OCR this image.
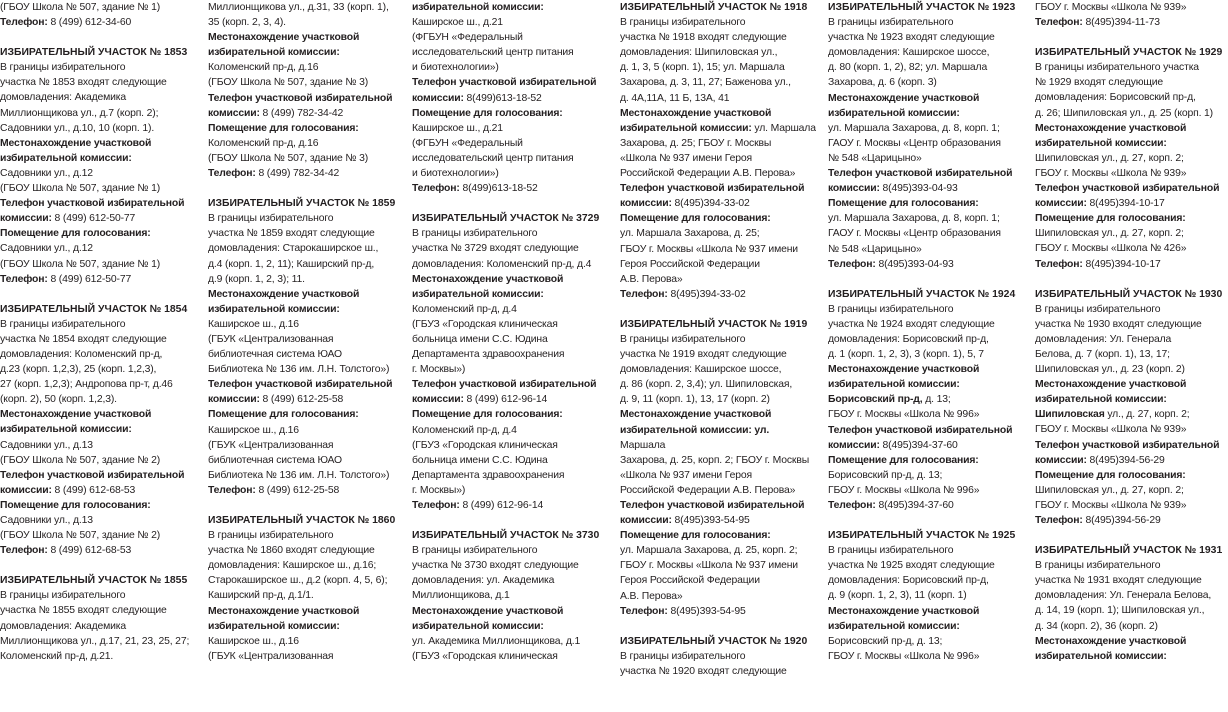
(ГБОУ Школа № 507, здание № 1)

Телефон: 8 (499) 612-34-60

ИЗБИРАТЕЛЬНЫЙ УЧАСТОК № 1853

В границы избирательного

участка № 1853 входят следующие

домовладения: Академика

Миллионщикова ул., д.7 (корп. 2);

Садовники ул., д.10, 10 (корп. 1).

Местонахождение участковой

избирательной комиссии:

Садовники ул., д.12

(ГБОУ Школа № 507, здание № 1)

Телефон участковой избирательной

комиссии: 8 (499) 612-50-77

Помещение для голосования:

Садовники ул., д.12

(ГБОУ Школа № 507, здание № 1)

Телефон: 8 (499) 612-50-77

ИЗБИРАТЕЛЬНЫЙ УЧАСТОК № 1854

В границы избирательного

участка № 1854 входят следующие

домовладения: Коломенский пр-д,

д.23 (корп. 1,2,3), 25 (корп. 1,2,3),

27 (корп. 1,2,3); Андропова пр-т, д.46

(корп. 2), 50 (корп. 1,2,3).

Местонахождение участковой

избирательной комиссии:

Садовники ул., д.13

(ГБОУ Школа № 507, здание № 2)

Телефон участковой избирательной

комиссии: 8 (499) 612-68-53

Помещение для голосования:

Садовники ул., д.13

(ГБОУ Школа № 507, здание № 2)

Телефон: 8 (499) 612-68-53

ИЗБИРАТЕЛЬНЫЙ УЧАСТОК № 1855

В границы избирательного

участка № 1855 входят следующие

домовладения: Академика

Миллионщикова ул., д.17, 21, 23, 25, 27;

Коломенский пр-д, д.21.

Миллионщикова ул., д.31, 33 (корп. 1),

35 (корп. 2, 3, 4).

Местонахождение участковой

избирательной комиссии:

Коломенский пр-д, д.16

(ГБОУ Школа № 507, здание № 3)

Телефон участковой избирательной

комиссии: 8 (499) 782-34-42

Помещение для голосования:

Коломенский пр-д, д.16

(ГБОУ Школа № 507, здание № 3)

Телефон: 8 (499) 782-34-42

ИЗБИРАТЕЛЬНЫЙ УЧАСТОК № 1859

В границы избирательного

участка № 1859 входят следующие

домовладения: Старокаширское ш.,

д.4 (корп. 1, 2, 11); Каширский пр-д,

д.9 (корп. 1, 2, 3); 11.

Местонахождение участковой

избирательной комиссии:

Каширское ш., д.16

(ГБУК «Централизованная

библиотечная система ЮАО

Библиотека № 136 им. Л.Н. Толстого»)

Телефон участковой избирательной

комиссии: 8 (499) 612-25-58

Помещение для голосования:

Каширское ш., д.16

(ГБУК «Централизованная

библиотечная система ЮАО

Библиотека № 136 им. Л.Н. Толстого»)

Телефон: 8 (499) 612-25-58

ИЗБИРАТЕЛЬНЫЙ УЧАСТОК № 1860

В границы избирательного

участка № 1860 входят следующие

домовладения: Каширское ш., д.16;

Старокаширское ш., д.2 (корп. 4, 5, 6);

Каширский пр-д, д.1/1.

Местонахождение участковой

избирательной комиссии:

Каширское ш., д.16

(ГБУК «Централизованная

избирательной комиссии:

Каширское ш., д.21

(ФГБУН «Федеральный

исследовательский центр питания

и биотехнологии»)

Телефон участковой избирательной

комиссии: 8(499)613-18-52

Помещение для голосования:

Каширское ш., д.21

(ФГБУН «Федеральный

исследовательский центр питания

и биотехнологии»)

Телефон: 8(499)613-18-52

ИЗБИРАТЕЛЬНЫЙ УЧАСТОК № 3729

В границы избирательного

участка № 3729 входят следующие

домовладения: Коломенский пр-д, д.4

Местонахождение участковой

избирательной комиссии:

Коломенский пр-д, д.4

(ГБУЗ «Городская клиническая

больница имени С.С. Юдина

Департамента здравоохранения

г. Москвы»)

Телефон участковой избирательной

комиссии: 8 (499) 612-96-14

Помещение для голосования:

Коломенский пр-д, д.4

(ГБУЗ «Городская клиническая

больница имени С.С. Юдина

Департамента здравоохранения

г. Москвы»)

Телефон: 8 (499) 612-96-14

ИЗБИРАТЕЛЬНЫЙ УЧАСТОК № 3730

В границы избирательного

участка № 3730 входят следующие

домовладения: ул. Академика

Миллионщикова, д.1

Местонахождение участковой

избирательной комиссии:

ул. Академика Миллионщикова, д.1

(ГБУЗ «Городская клиническая

ИЗБИРАТЕЛЬНЫЙ УЧАСТОК № 1918

В границы избирательного

участка № 1918 входят следующие

домовладения: Шипиловская ул.,

д. 1, 3, 5 (корп. 1), 15; ул. Маршала

Захарова, д. 3, 11, 27; Баженова ул.,

д. 4А,11А, 11 Б, 13А, 41

Местонахождение участковой

избирательной комиссии: ул. Маршала

Захарова, д. 25; ГБОУ г. Москвы

«Школа № 937 имени Героя

Российской Федерации А.В. Перова»

Телефон участковой избирательной

комиссии: 8(495)394-33-02

Помещение для голосования:

ул. Маршала Захарова, д. 25;

ГБОУ г. Москвы «Школа № 937 имени

Героя Российской Федерации

А.В. Перова»

Телефон: 8(495)394-33-02

ИЗБИРАТЕЛЬНЫЙ УЧАСТОК № 1919

В границы избирательного

участка № 1919 входят следующие

домовладения: Каширское шоссе,

д. 86 (корп. 2, 3,4); ул. Шипиловская,

д. 9, 11 (корп. 1), 13, 17 (корп. 2)

Местонахождение участковой

избирательной комиссии: ул. Маршала

Захарова, д. 25, корп. 2; ГБОУ г. Москвы

«Школа № 937 имени Героя

Российской Федерации А.В. Перова»

Телефон участковой избирательной

комиссии: 8(495)393-54-95

Помещение для голосования:

ул. Маршала Захарова, д. 25, корп. 2;

ГБОУ г. Москвы «Школа № 937 имени

Героя Российской Федерации

А.В. Перова»

Телефон: 8(495)393-54-95

ИЗБИРАТЕЛЬНЫЙ УЧАСТОК № 1920

В границы избирательного

участка № 1920 входят следующие

ИЗБИРАТЕЛЬНЫЙ УЧАСТОК № 1923

В границы избирательного

участка № 1923 входят следующие

домовладения: Каширское шоссе,

д. 80 (корп. 1, 2), 82; ул. Маршала

Захарова, д. 6 (корп. 3)

Местонахождение участковой

избирательной комиссии:

ул. Маршала Захарова, д. 8, корп. 1;

ГАОУ г. Москвы «Центр образования

№ 548 «Царицыно»

Телефон участковой избирательной

комиссии: 8(495)393-04-93

Помещение для голосования:

ул. Маршала Захарова, д. 8, корп. 1;

ГАОУ г. Москвы «Центр образования

№ 548 «Царицыно»

Телефон: 8(495)393-04-93

ИЗБИРАТЕЛЬНЫЙ УЧАСТОК № 1924

В границы избирательного

участка № 1924 входят следующие

домовладения: Борисовский пр-д,

д. 1 (корп. 1, 2, 3), 3 (корп. 1), 5, 7

Местонахождение участковой

избирательной комиссии:

Борисовский пр-д, д. 13;

ГБОУ г. Москвы «Школа № 996»

Телефон участковой избирательной

комиссии: 8(495)394-37-60

Помещение для голосования:

Борисовский пр-д, д. 13;

ГБОУ г. Москвы «Школа № 996»

Телефон: 8(495)394-37-60

ИЗБИРАТЕЛЬНЫЙ УЧАСТОК № 1925

В границы избирательного

участка № 1925 входят следующие

домовладения: Борисовский пр-д,

д. 9 (корп. 1, 2, 3), 11 (корп. 1)

Местонахождение участковой

избирательной комиссии:

Борисовский пр-д, д. 13;

ГБОУ г. Москвы «Школа № 996»

ГБОУ г. Москвы «Школа № 939»

Телефон: 8(495)394-11-73

ИЗБИРАТЕЛЬНЫЙ УЧАСТОК № 1929

В границы избирательного участка

№ 1929 входят следующие

домовладения: Борисовский пр-д,

д. 26; Шипиловская ул., д. 25 (корп. 1)

Местонахождение участковой

избирательной комиссии:

Шипиловская ул., д. 27, корп. 2;

ГБОУ г. Москвы «Школа № 939»

Телефон участковой избирательной

комиссии: 8(495)394-10-17

Помещение для голосования:

Шипиловская ул., д. 27, корп. 2;

ГБОУ г. Москвы «Школа № 426»

Телефон: 8(495)394-10-17

ИЗБИРАТЕЛЬНЫЙ УЧАСТОК № 1930

В границы избирательного

участка № 1930 входят следующие

домовладения: Ул. Генерала

Белова, д. 7 (корп. 1), 13, 17;

Шипиловская ул., д. 23 (корп. 2)

Местонахождение участковой

избирательной комиссии:

Шипиловская ул., д. 27, корп. 2;

ГБОУ г. Москвы «Школа № 939»

Телефон участковой избирательной

комиссии: 8(495)394-56-29

Помещение для голосования:

Шипиловская ул., д. 27, корп. 2;

ГБОУ г. Москвы «Школа № 939»

Телефон: 8(495)394-56-29

ИЗБИРАТЕЛЬНЫЙ УЧАСТОК № 1931

В границы избирательного

участка № 1931 входят следующие

домовладения: Ул. Генерала Белова,

д. 14, 19 (корп. 1); Шипиловская ул.,

д. 34 (корп. 2), 36 (корп. 2)

Местонахождение участковой

избирательной комиссии:
